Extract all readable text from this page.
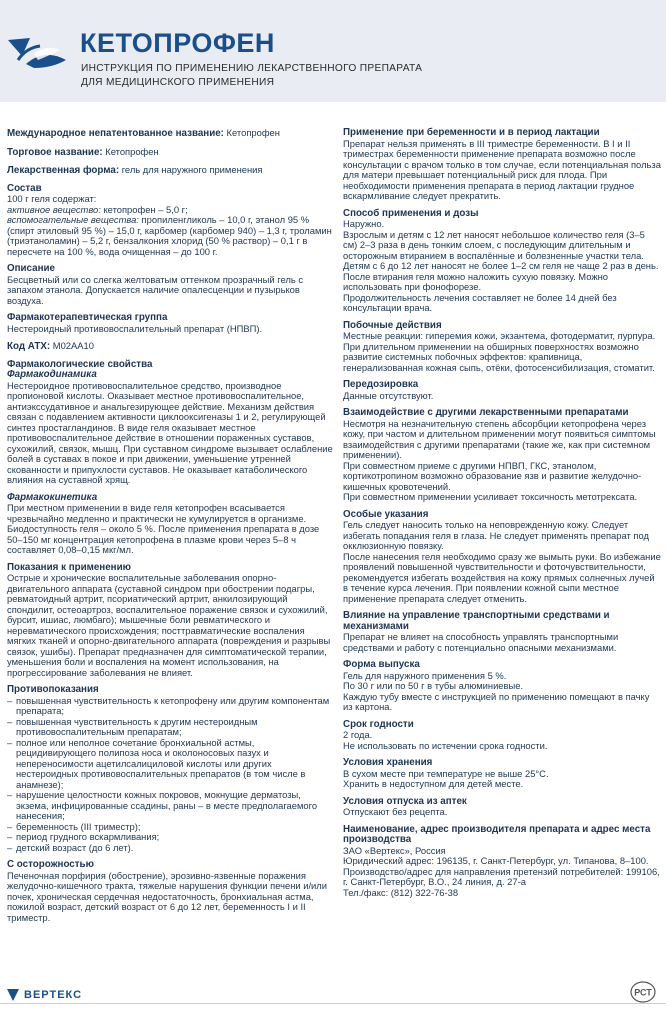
КЕТОПРОФЕН
ИНСТРУКЦИЯ ПО ПРИМЕНЕНИЮ ЛЕКАРСТВЕННОГО ПРЕПАРАТА
ДЛЯ МЕДИЦИНСКОГО ПРИМЕНЕНИЯ
Международное непатентованное название: Кетопрофен
Торговое название: Кетопрофен
Лекарственная форма: гель для наружного применения
Состав
100 г геля содержат:
активное вещество: кетопрофен – 5,0 г;
вспомогательные вещества: пропиленгликоль – 10,0 г, этанол 95 % (спирт этиловый 95 %) – 15,0 г, карбомер (карбомер 940) – 1,3 г, троламин (триэтаноламин) – 5,2 г, бензалкония хлорид (50 % раствор) – 0,1 г в пересчете на 100 %, вода очищенная – до 100 г.
Описание
Бесцветный или со слегка желтоватым оттенком прозрачный гель с запахом этанола. Допускается наличие опалесценции и пузырьков воздуха.
Фармакотерапевтическая группа
Нестероидный противовоспалительный препарат (НПВП).
Код АТХ: M02AA10
Фармакологические свойства
Фармакодинамика
Нестероидное противовоспалительное средство, производное пропионовой кислоты. Оказывает местное противовоспалительное, антиэкссудативное и анальгезирующее действие. Механизм действия связан с подавлением активности циклооксигеназы 1 и 2, регулирующей синтез простагландинов. В виде геля оказывает местное противовоспалительное действие в отношении пораженных суставов, сухожилий, связок, мышц. При суставном синдроме вызывает ослабление болей в суставах в покое и при движении, уменьшение утренней скованности и припухлости суставов. Не оказывает катаболического влияния на суставной хрящ.
Фармакокинетика
При местном применении в виде геля кетопрофен всасывается чрезвычайно медленно и практически не кумулируется в организме. Биодоступность геля – около 5 %. После применения препарата в дозе 50–150 мг концентрация кетопрофена в плазме крови через 5–8 ч составляет 0,08–0,15 мкг/мл.
Показания к применению
Острые и хронические воспалительные заболевания опорно-двигательного аппарата (суставной синдром при обострении подагры, ревматоидный артрит, псориатический артрит, анкилозирующий спондилит, остеоартроз, воспалительное поражение связок и сухожилий, бурсит, ишиас, люмбаго); мышечные боли ревматического и неревматического происхождения; посттравматические воспаления мягких тканей и опорно-двигательного аппарата (повреждения и разрывы связок, ушибы). Препарат предназначен для симптоматической терапии, уменьшения боли и воспаления на момент использования, на прогрессирование заболевания не влияет.
Противопоказания
– повышенная чувствительность к кетопрофену или другим компонентам препарата;
– повышенная чувствительность к другим нестероидным противовоспалительным препаратам;
– полное или неполное сочетание бронхиальной астмы, рецидивирующего полипоза носа и околоносовых пазух и непереносимости ацетилсалициловой кислоты или других нестероидных противовоспалительных препаратов (в том числе в анамнезе);
– нарушение целостности кожных покровов, мокнущие дерматозы, экзема, инфицированные ссадины, раны – в месте предполагаемого нанесения;
– беременность (III триместр);
– период грудного вскармливания;
– детский возраст (до 6 лет).
С осторожностью
Печеночная порфирия (обострение), эрозивно-язвенные поражения желудочно-кишечного тракта, тяжелые нарушения функции печени и/или почек, хроническая сердечная недостаточность, бронхиальная астма, пожилой возраст, детский возраст от 6 до 12 лет, беременность I и II триместр.
Применение при беременности и в период лактации
Препарат нельзя применять в III триместре беременности. В I и II триместрах беременности применение препарата возможно после консультации с врачом только в том случае, если потенциальная польза для матери превышает потенциальный риск для плода. При необходимости применения препарата в период лактации грудное вскармливание следует прекратить.
Способ применения и дозы
Наружно.
Взрослым и детям с 12 лет наносят небольшое количество геля (3–5 см) 2–3 раза в день тонким слоем, с последующим длительным и осторожным втиранием в воспалённые и болезненные участки тела.
Детям с 6 до 12 лет наносят не более 1–2 см геля не чаще 2 раз в день. После втирания геля можно наложить сухую повязку. Можно использовать при фонофорезе.
Продолжительность лечения составляет не более 14 дней без консультации врача.
Побочные действия
Местные реакции: гиперемия кожи, экзантема, фотодерматит, пурпура.
При длительном применении на обширных поверхностях возможно развитие системных побочных эффектов: крапивница, генерализованная кожная сыпь, отёки, фотосенсибилизация, стоматит.
Передозировка
Данные отсутствуют.
Взаимодействие с другими лекарственными препаратами
Несмотря на незначительную степень абсорбции кетопрофена через кожу, при частом и длительном применении могут появиться симптомы взаимодействия с другими препаратами (такие же, как при системном применении).
При совместном приеме с другими НПВП, ГКС, этанолом, кортикотропином возможно образование язв и развитие желудочно-кишечных кровотечений.
При совместном применении усиливает токсичность метотрексата.
Особые указания
Гель следует наносить только на неповрежденную кожу. Следует избегать попадания геля в глаза. Не следует применять препарат под окклюзионную повязку.
После нанесения геля необходимо сразу же вымыть руки. Во избежание проявлений повышенной чувствительности и фоточувствительности, рекомендуется избегать воздействия на кожу прямых солнечных лучей в течение курса лечения. При появлении кожной сыпи местное применение препарата следует отменить.
Влияние на управление транспортными средствами и механизмами
Препарат не влияет на способность управлять транспортными средствами и работу с потенциально опасными механизмами.
Форма выпуска
Гель для наружного применения 5 %.
По 30 г или по 50 г в тубы алюминиевые.
Каждую тубу вместе с инструкцией по применению помещают в пачку из картона.
Срок годности
2 года.
Не использовать по истечении срока годности.
Условия хранения
В сухом месте при температуре не выше 25°С.
Хранить в недоступном для детей месте.
Условия отпуска из аптек
Отпускают без рецепта.
Наименование, адрес производителя препарата и адрес места производства
ЗАО «Вертекс», Россия
Юридический адрес: 196135, г. Санкт-Петербург, ул. Типанова, 8–100.
Производство/адрес для направления претензий потребителей: 199106, г. Санкт-Петербург, В.О., 24 линия, д. 27-а
Тел./факс: (812) 322-76-38
ВЕРТЕКС	РСТ
